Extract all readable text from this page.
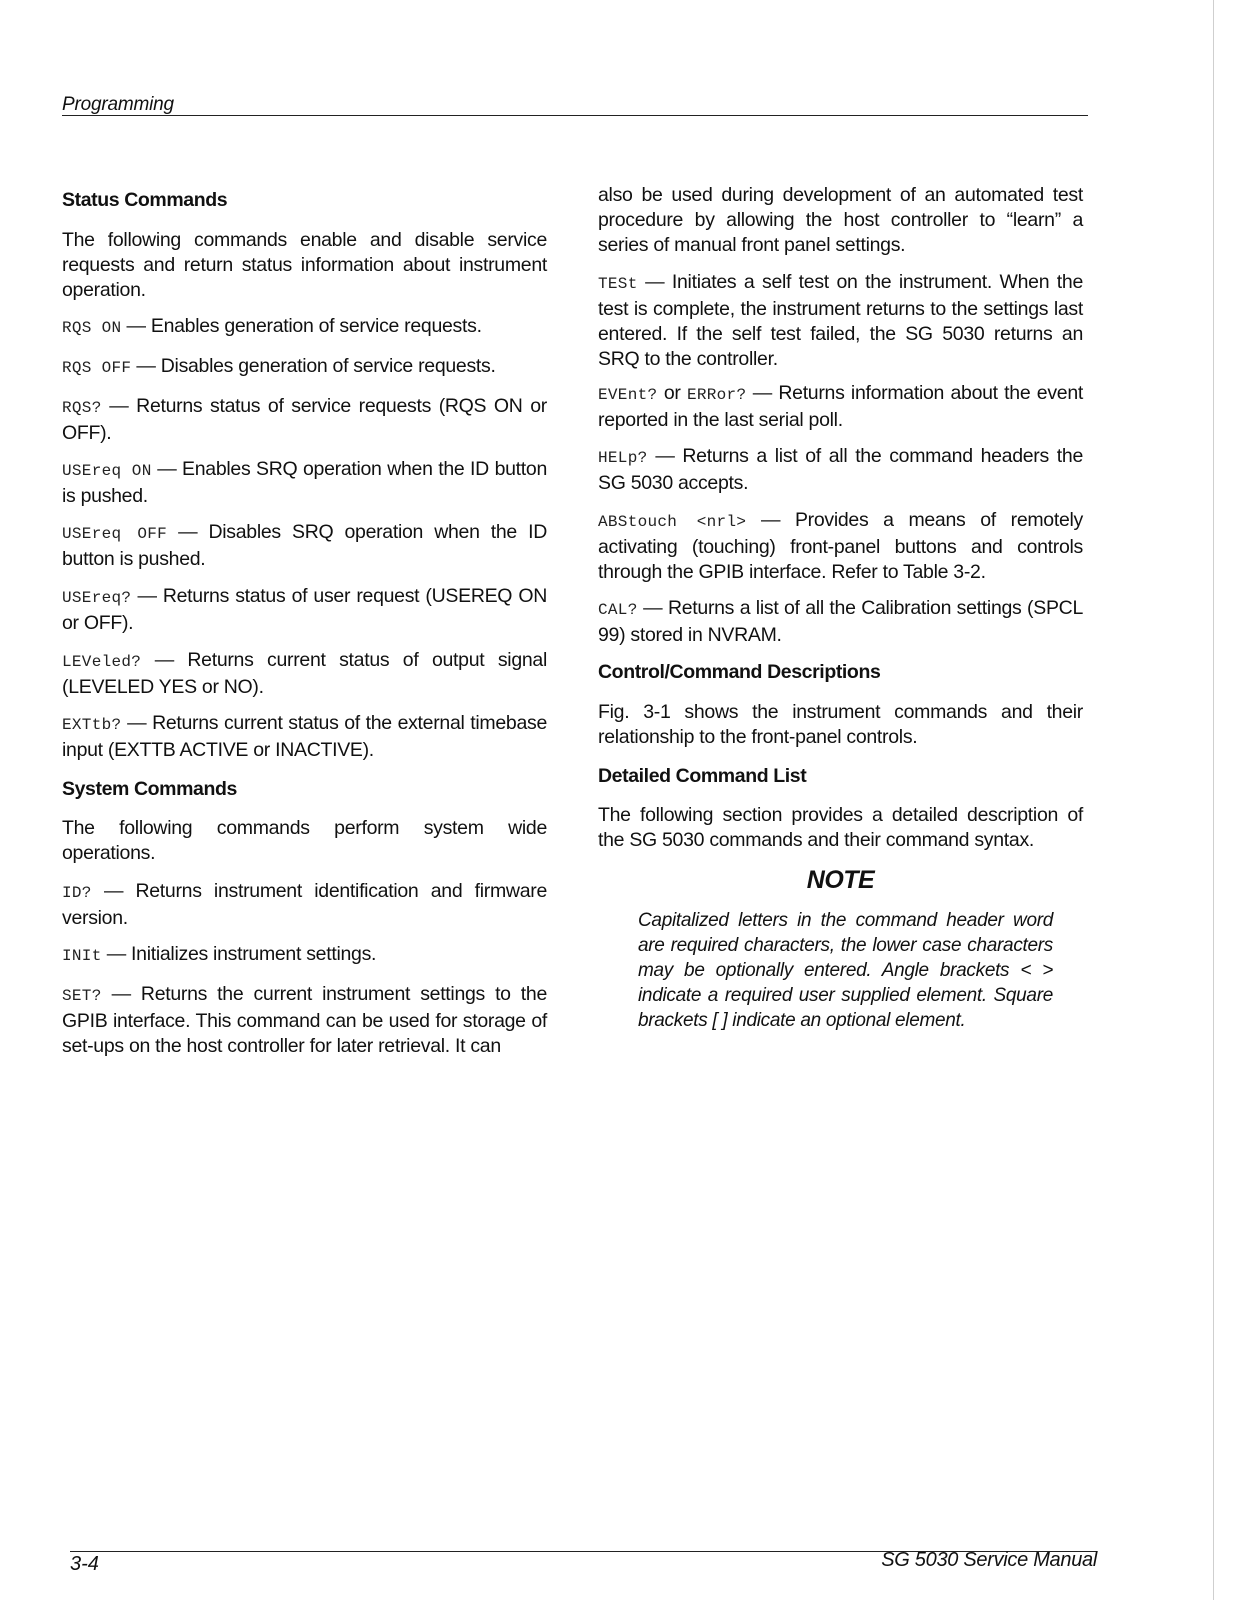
Programming
Status Commands
The following commands enable and disable service requests and return status information about instrument operation.
RQS ON — Enables generation of service requests.
RQS OFF — Disables generation of service requests.
RQS? — Returns status of service requests (RQS ON or OFF).
USEreq ON — Enables SRQ operation when the ID button is pushed.
USEreq OFF — Disables SRQ operation when the ID button is pushed.
USEreq? — Returns status of user request (USEREQ ON or OFF).
LEVeled? — Returns current status of output signal (LEVELED YES or NO).
EXTtb? — Returns current status of the external timebase input (EXTTB ACTIVE or INACTIVE).
System Commands
The following commands perform system wide operations.
ID? — Returns instrument identification and firmware version.
INIt — Initializes instrument settings.
SET? — Returns the current instrument settings to the GPIB interface. This command can be used for storage of set-ups on the host controller for later retrieval. It can
also be used during development of an automated test procedure by allowing the host controller to “learn” a series of manual front panel settings.
TESt — Initiates a self test on the instrument. When the test is complete, the instrument returns to the settings last entered. If the self test failed, the SG 5030 returns an SRQ to the controller.
EVEnt? or ERRor? — Returns information about the event reported in the last serial poll.
HELp? — Returns a list of all the command headers the SG 5030 accepts.
ABStouch <nrl> — Provides a means of remotely activating (touching) front-panel buttons and controls through the GPIB interface. Refer to Table 3-2.
CAL? — Returns a list of all the Calibration settings (SPCL 99) stored in NVRAM.
Control/Command Descriptions
Fig. 3-1 shows the instrument commands and their relationship to the front-panel controls.
Detailed Command List
The following section provides a detailed description of the SG 5030 commands and their command syntax.
NOTE
Capitalized letters in the command header word are required characters, the lower case characters may be optionally entered. Angle brackets < > indicate a required user supplied element. Square brackets [ ] indicate an optional element.
3-4	SG 5030 Service Manual
